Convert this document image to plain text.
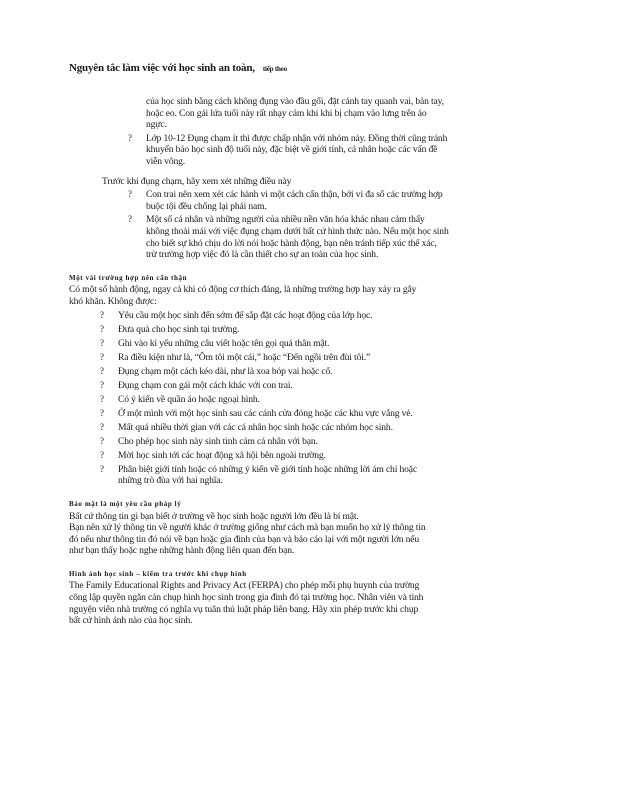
Nguyên tắc làm việc với học sinh an toàn, tiếp theo

của học sinh bằng cách không đụng vào đầu gối, đặt cánh tay quanh vai, bàn tay,

hoặc eo. Con gái lứa tuổi này rất nhạy cảm khi khi bị chạm vào lưng trên ảo

ngực.

? Lớp 10-12 Đụng chạm ít thì được chấp nhận với nhóm này. Đồng thời cũng tránh

khuyến bảo học sinh độ tuổi này, đặc biệt về giới tính, cả nhân hoặc các vấn đề

viễn vông.

Trước khi đụng chạm, hãy xem xét những điều này

? Con trai nên xem xét các hành vi một cách cẩn thận, bởi vì đa số các trường hợp

buộc tội đều chống lại phái nam.

? Một số cá nhân và những người của nhiều nền văn hóa khác nhau cảm thấy

không thoải mái với việc đụng chạm dưới bất cứ hình thức nào. Nếu một học sinh

cho biết sự khó chịu do lời nói hoặc hành động, bạn nên tránh tiếp xúc thể xác,

trừ trường hợp việc đó là cần thiết cho sự an toàn của học sinh.

Một vài trường hợp nên cẩn thận

Có một số hành động, ngay cả khi có động cơ thích đáng, là những trường hợp hay xảy ra gây

khó khăn. Không được:

? Yêu cầu một học sinh đến sớm để sắp đặt các hoạt động của lớp học.

? Đưa quà cho học sinh tại trường.

? Ghi vào kỉ yếu những câu viết hoặc tên gọi quá thân mật.

? Ra điều kiện như là, “Ôm tôi một cái,” hoặc “Đến ngồi trên đùi tôi.”

? Đụng chạm một cách kéo dài, như là xoa bóp vai hoặc cổ.

? Đụng chạm con gái một cách khác với con trai.

? Có ý kiến về quần áo hoặc ngoại hình.

? Ở một mình với một học sinh sau các cánh cửa đóng hoặc các khu vực vắng vẻ.

? Mất quá nhiều thời gian với các cá nhân học sinh hoặc các nhóm học sinh.

? Cho phép học sinh này sinh tình cảm cá nhân với bạn.

? Mời học sinh tới các hoạt động xã hội bên ngoài trường.

? Phân biệt giới tính hoặc có những ý kiến về giới tính hoặc những lời ám chỉ hoặc

những trò đùa với hai nghĩa.

Bảo mật là một yêu cầu pháp lý

Bất cứ thông tin gì bạn biết ở trường về học sinh hoặc người lớn đều là bí mật.

Bạn nên xử lý thông tin về người khác ở trường giống như cách mà bạn muốn họ xử lý thông tin

đó nếu như thông tin đó nói về bạn hoặc gia đình của bạn và báo cáo lại với một người lớn nếu

như bạn thấy hoặc nghe những hành động liên quan đến bạn.

Hình ảnh học sinh – kiểm tra trước khi chụp hình

The Family Educational Rights and Privacy Act (FERPA) cho phép mỗi phụ huynh của trường

công lập quyền ngăn cản chụp hình học sinh trong gia đình đó tại trường học. Nhân viên và tình

nguyện viên nhà trường có nghĩa vụ tuân thủ luật pháp liên bang. Hãy xin phép trước khi chụp

bất cứ hình ảnh nào của học sinh.
